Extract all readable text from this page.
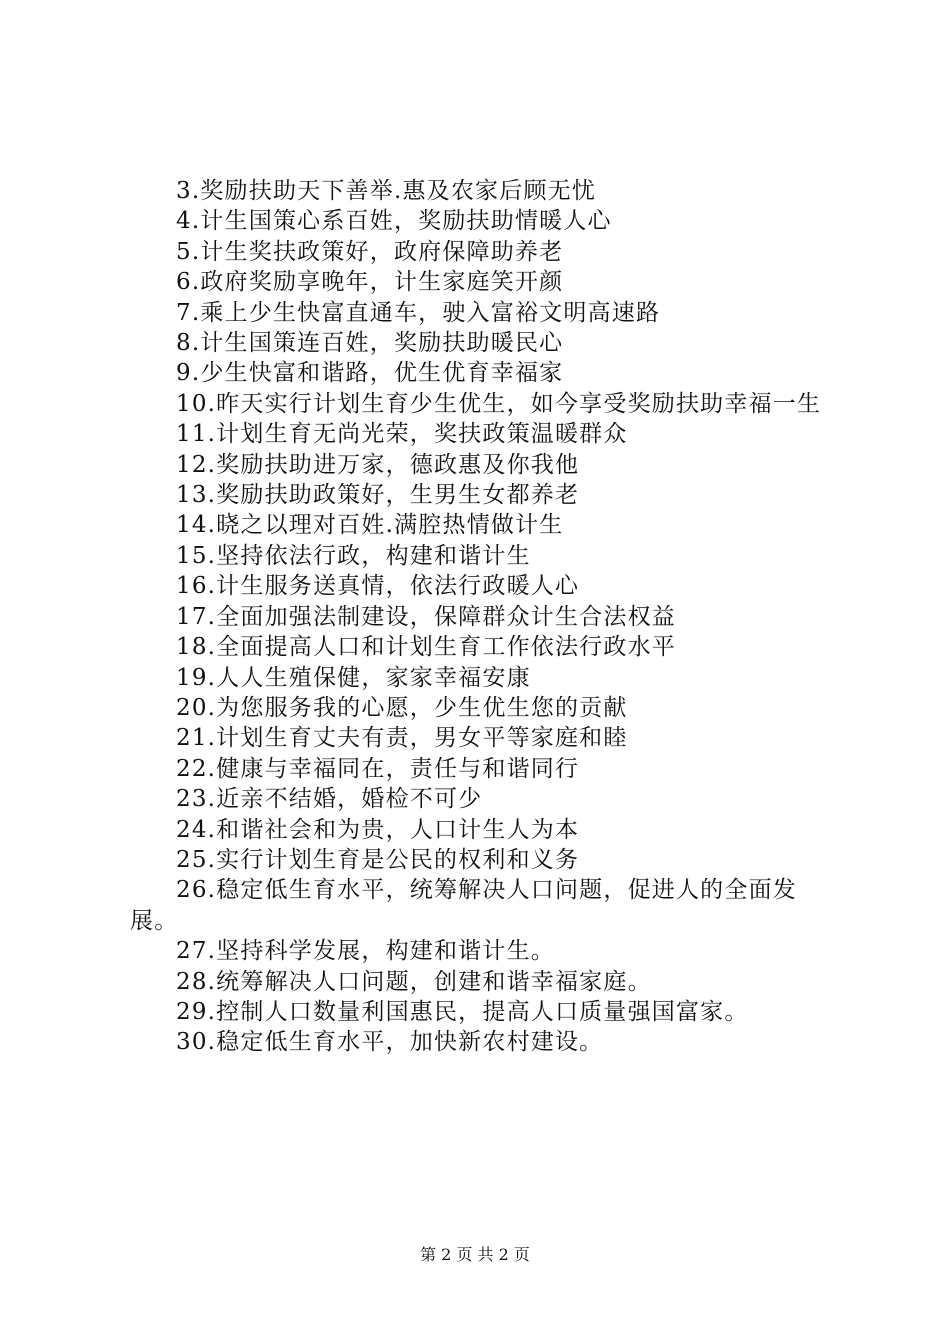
3.奖励扶助天下善举.惠及农家后顾无忧

4.计生国策心系百姓，奖励扶助情暖人心

5.计生奖扶政策好，政府保障助养老

6.政府奖励享晚年，计生家庭笑开颜

7.乘上少生快富直通车，驶入富裕文明高速路

8.计生国策连百姓，奖励扶助暖民心

9.少生快富和谐路，优生优育幸福家

10.昨天实行计划生育少生优生，如今享受奖励扶助幸福一生

11.计划生育无尚光荣，奖扶政策温暖群众

12.奖励扶助进万家，德政惠及你我他

13.奖励扶助政策好，生男生女都养老

14.晓之以理对百姓.满腔热情做计生

15.坚持依法行政，构建和谐计生

16.计生服务送真情，依法行政暖人心

17.全面加强法制建设，保障群众计生合法权益

18.全面提高人口和计划生育工作依法行政水平

19.人人生殖保健，家家幸福安康

20.为您服务我的心愿，少生优生您的贡献

21.计划生育丈夫有责，男女平等家庭和睦

22.健康与幸福同在，责任与和谐同行

23.近亲不结婚，婚检不可少

24.和谐社会和为贵，人口计生人为本

25.实行计划生育是公民的权利和义务

26.稳定低生育水平，统筹解决人口问题，促进人的全面发展。

27.坚持科学发展，构建和谐计生。

28.统筹解决人口问题，创建和谐幸福家庭。

29.控制人口数量利国惠民，提高人口质量强国富家。

30.稳定低生育水平，加快新农村建设。

第 2 页 共 2 页
